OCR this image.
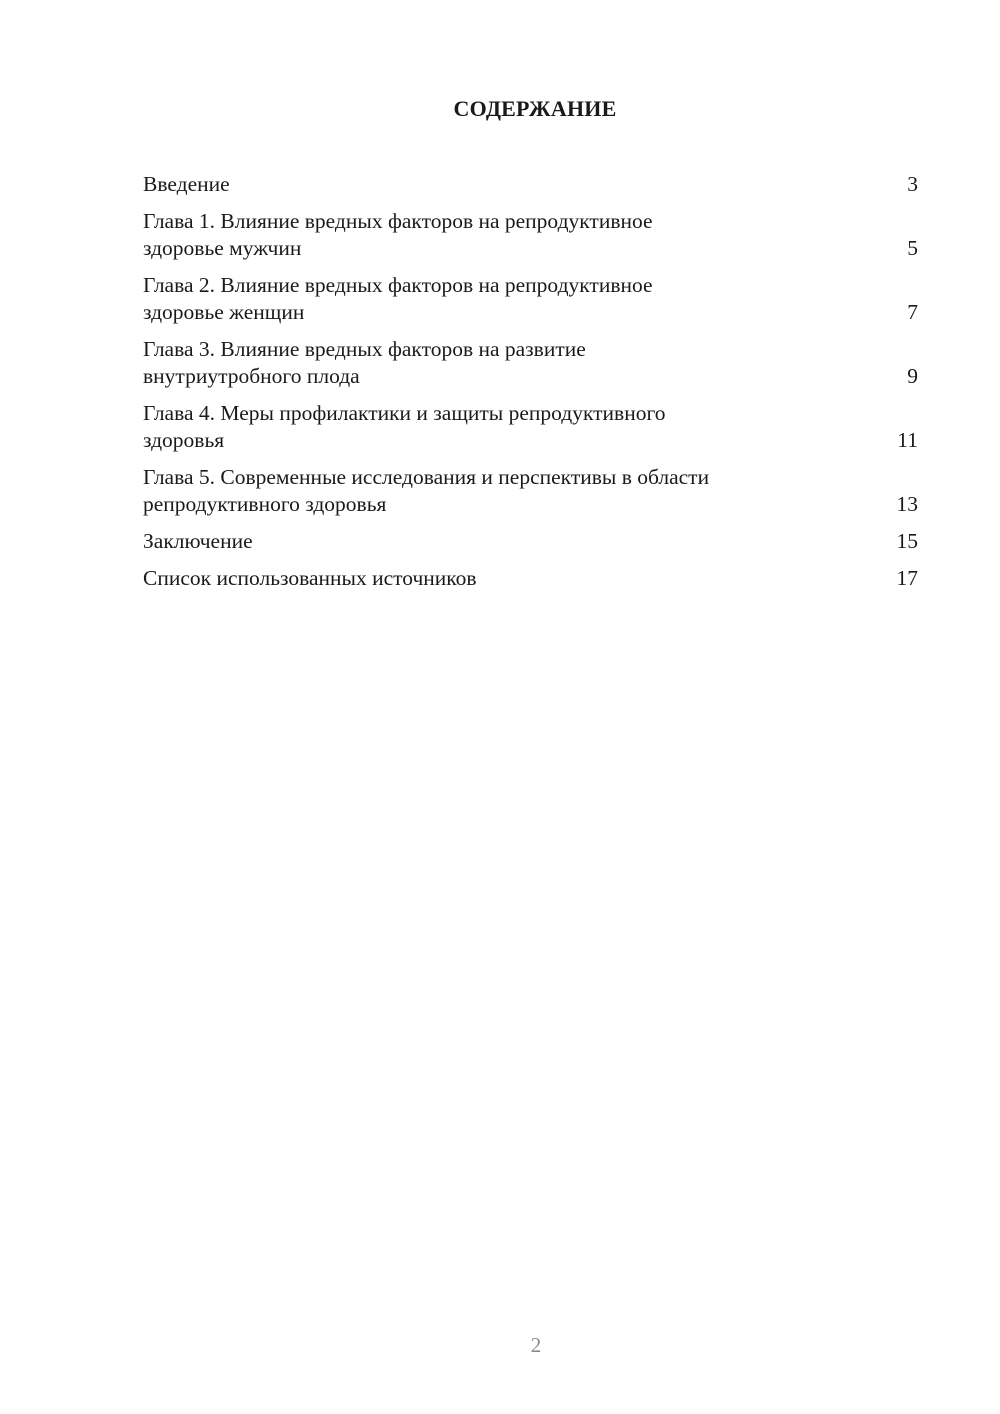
СОДЕРЖАНИЕ
Введение	3
Глава 1. Влияние вредных факторов на репродуктивное
здоровье мужчин	5
Глава 2. Влияние вредных факторов на репродуктивное
здоровье женщин	7
Глава 3. Влияние вредных факторов на развитие
внутриутробного плода	9
Глава 4. Меры профилактики и защиты репродуктивного
здоровья	11
Глава 5. Современные исследования и перспективы в области
репродуктивного здоровья	13
Заключение	15
Список использованных источников	17
2
